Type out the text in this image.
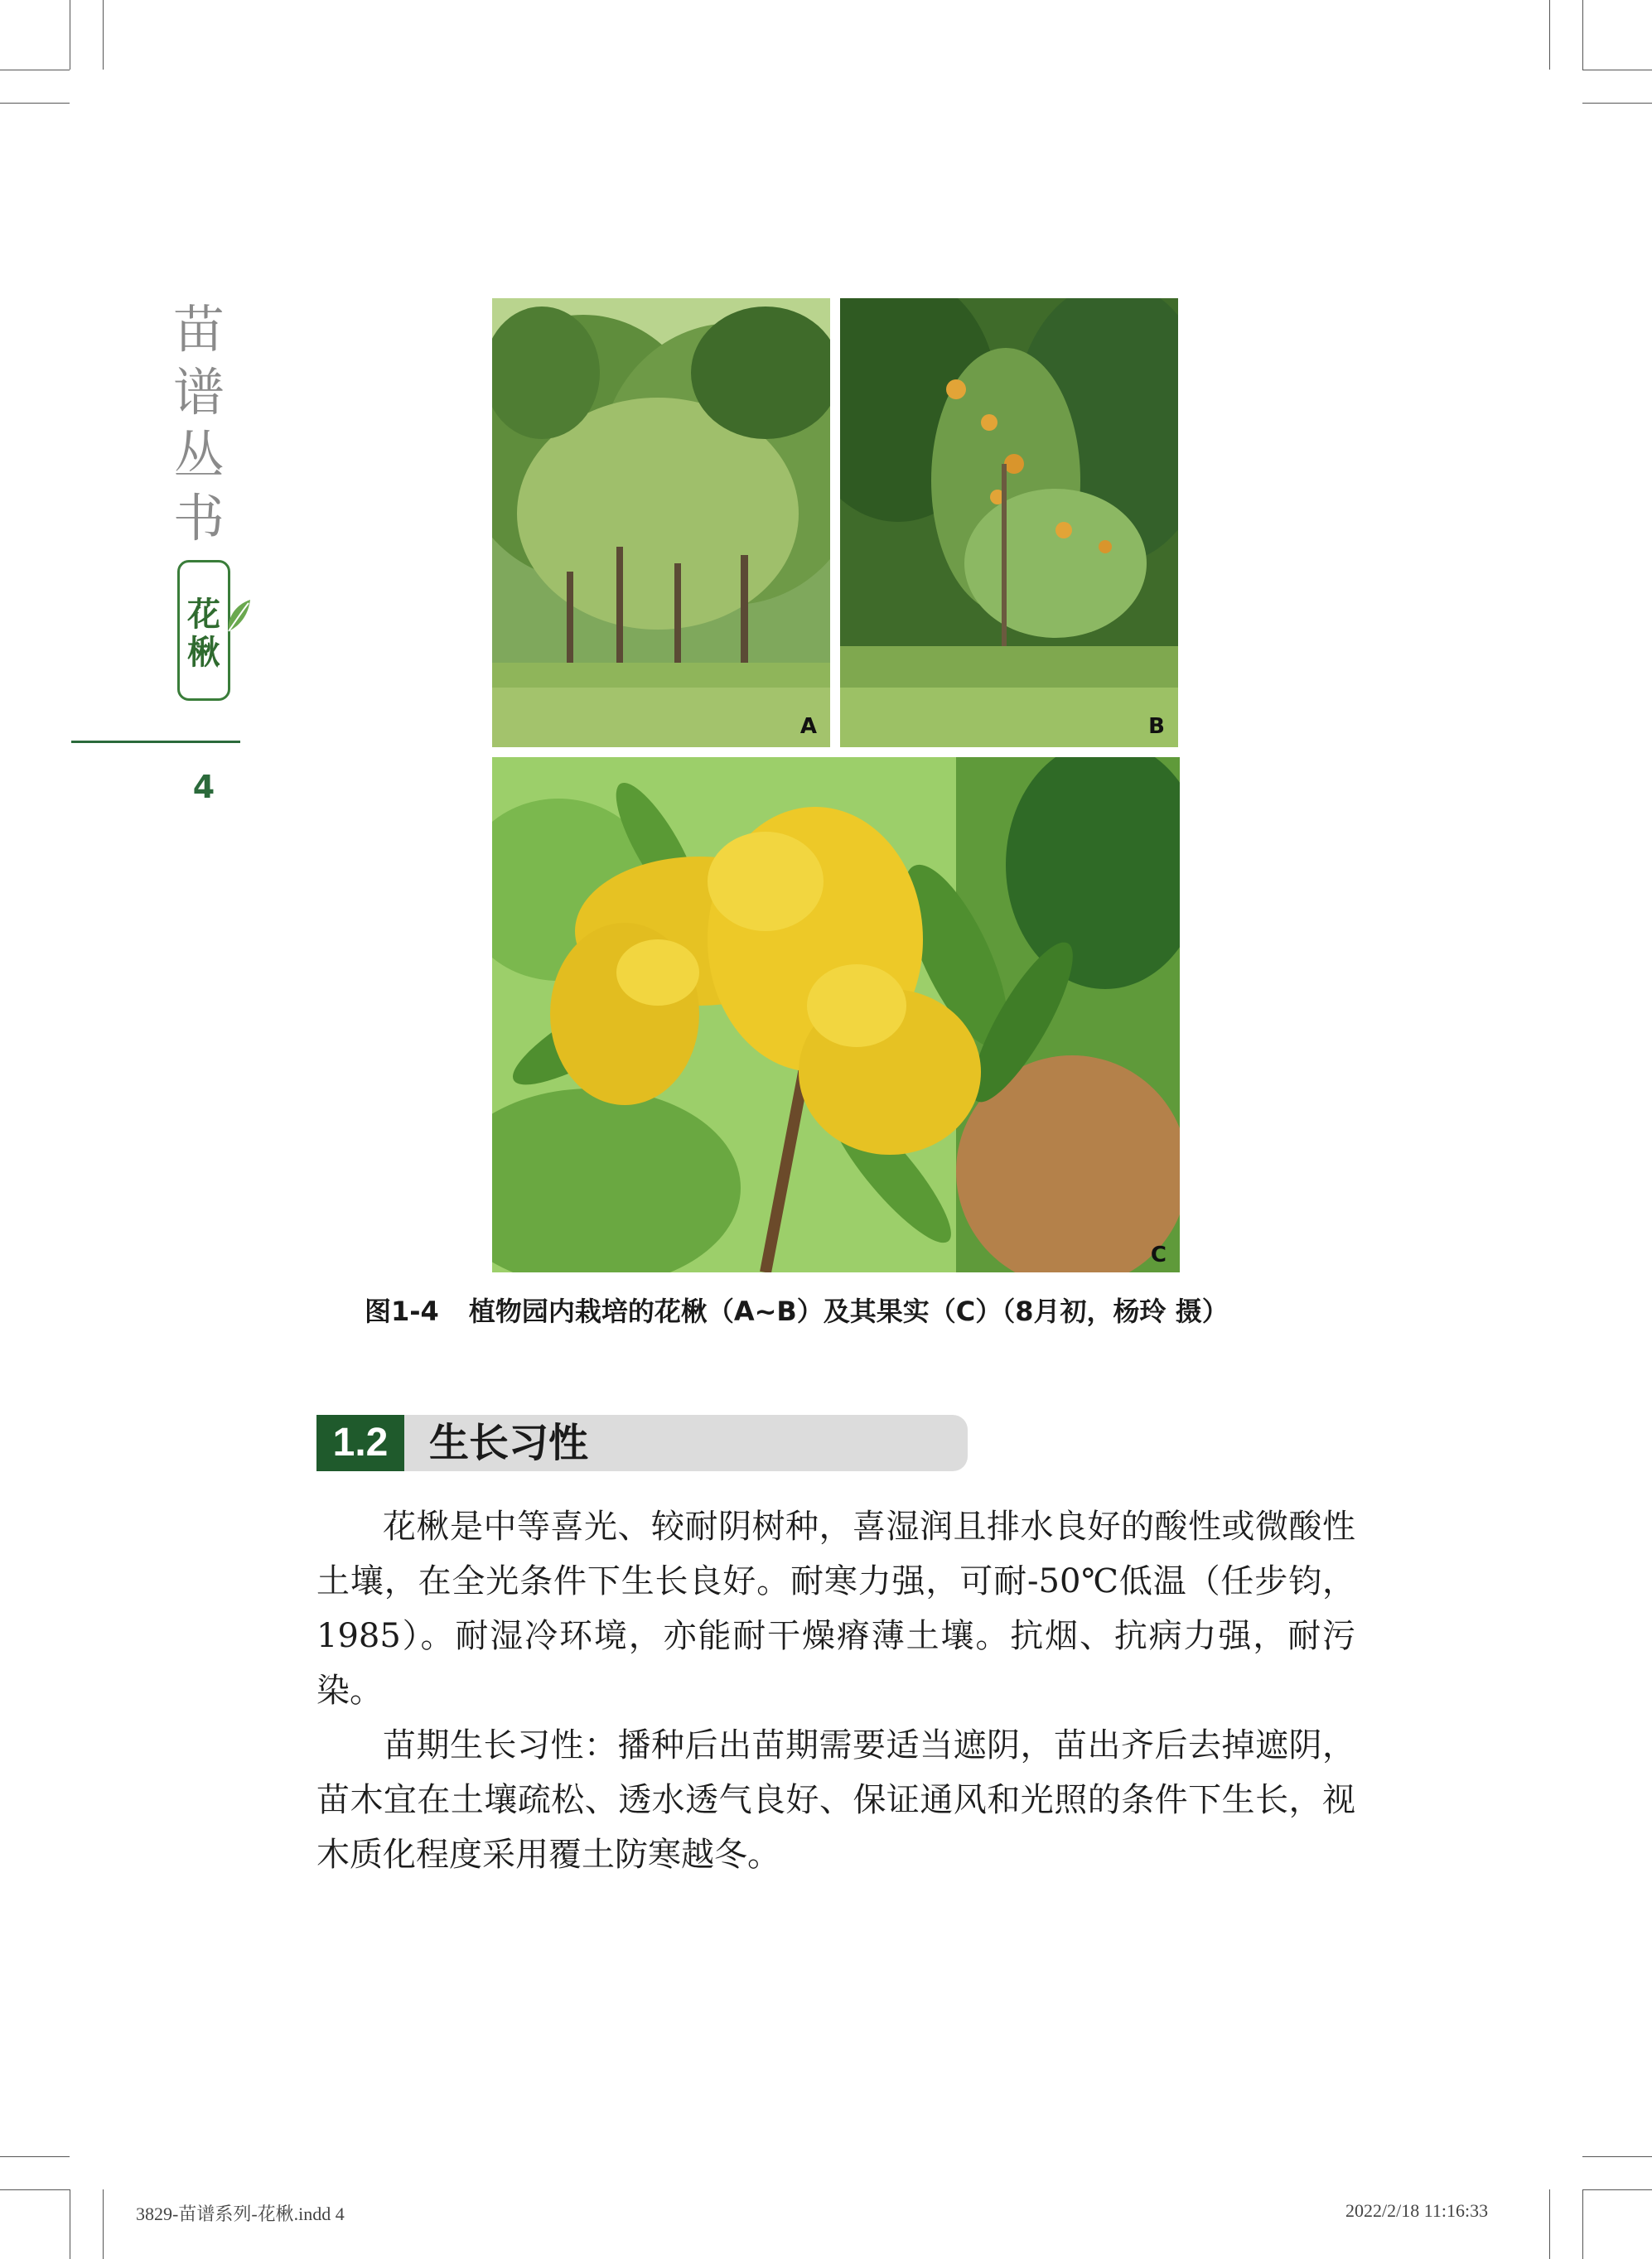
苗
谱
丛
书
花
楸
4
A	B
C
图1-4 植物园内栽培的花楸（A~B）及其果实（C）（8月初，杨玲 摄）
1.2	生长习性

花楸是中等喜光、较耐阴树种，喜湿润且排水良好的酸性或微酸性土壤，在全光条件下生长良好。耐寒力强，可耐-50℃低温（任步钧，1985）。耐湿冷环境，亦能耐干燥瘠薄土壤。抗烟、抗病力强，耐污染。

苗期生长习性：播种后出苗期需要适当遮阴，苗出齐后去掉遮阴，苗木宜在土壤疏松、透水透气良好、保证通风和光照的条件下生长，视木质化程度采用覆土防寒越冬。

3829-苗谱系列-花楸.indd 4	2022/2/18 11:16:33
